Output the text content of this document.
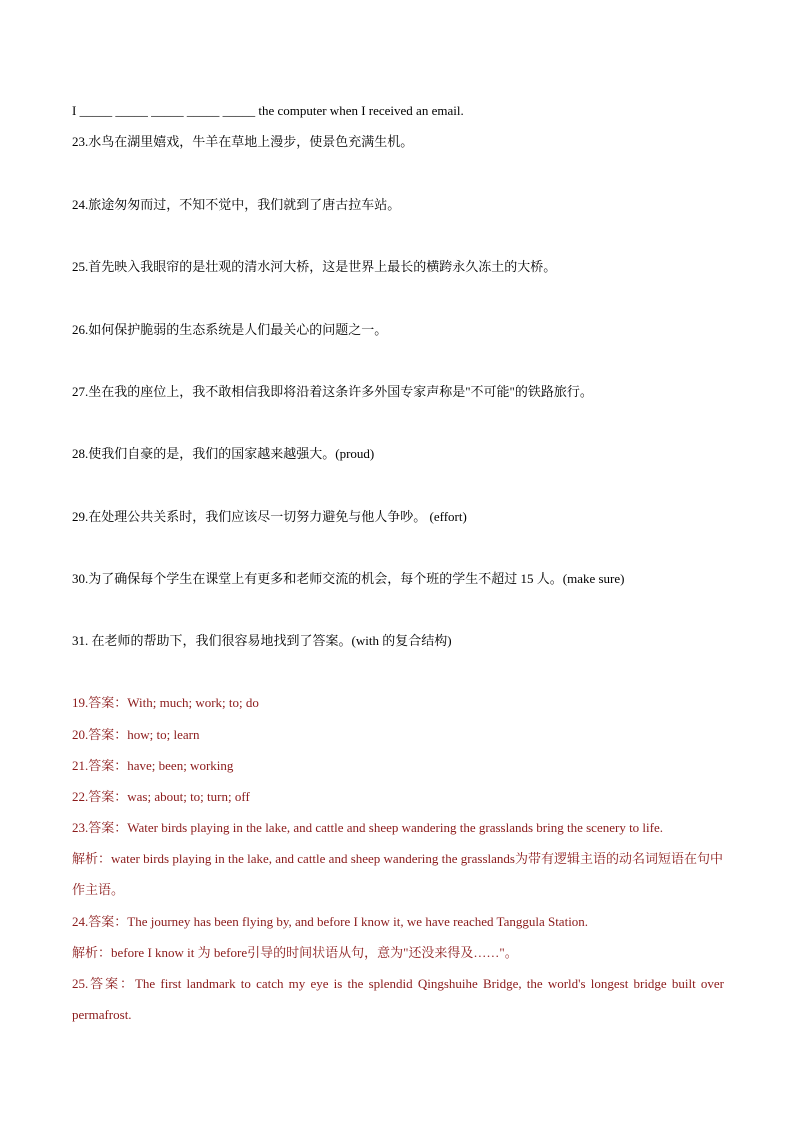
I _____ _____ _____ _____ _____ the computer when I received an email.
23.水鸟在湖里嬉戏，牛羊在草地上漫步，使景色充满生机。
24.旅途匆匆而过，不知不觉中，我们就到了唐古拉车站。
25.首先映入我眼帘的是壮观的清水河大桥，这是世界上最长的横跨永久冻土的大桥。
26.如何保护脆弱的生态系统是人们最关心的问题之一。
27.坐在我的座位上，我不敢相信我即将沿着这条许多外国专家声称是"不可能"的铁路旅行。
28.使我们自豪的是，我们的国家越来越强大。(proud)
29.在处理公共关系时，我们应该尽一切努力避免与他人争吵。 (effort)
30.为了确保每个学生在课堂上有更多和老师交流的机会，每个班的学生不超过 15 人。(make sure)
31. 在老师的帮助下，我们很容易地找到了答案。(with 的复合结构)
19.答案：With; much; work; to; do
20.答案：how; to; learn
21.答案：have; been; working
22.答案：was; about; to; turn; off
23.答案：Water birds playing in the lake, and cattle and sheep wandering the grasslands bring the scenery to life.
解析：water birds playing in the lake, and cattle and sheep wandering the grasslands为带有逻辑主语的动名词短语在句中作主语。
24.答案：The journey has been flying by, and before I know it, we have reached Tanggula Station.
解析：before I know it 为 before引导的时间状语从句，意为"还没来得及……"。
25.答案：The first landmark to catch my eye is the splendid Qingshuihe Bridge, the world's longest bridge built over permafrost.
